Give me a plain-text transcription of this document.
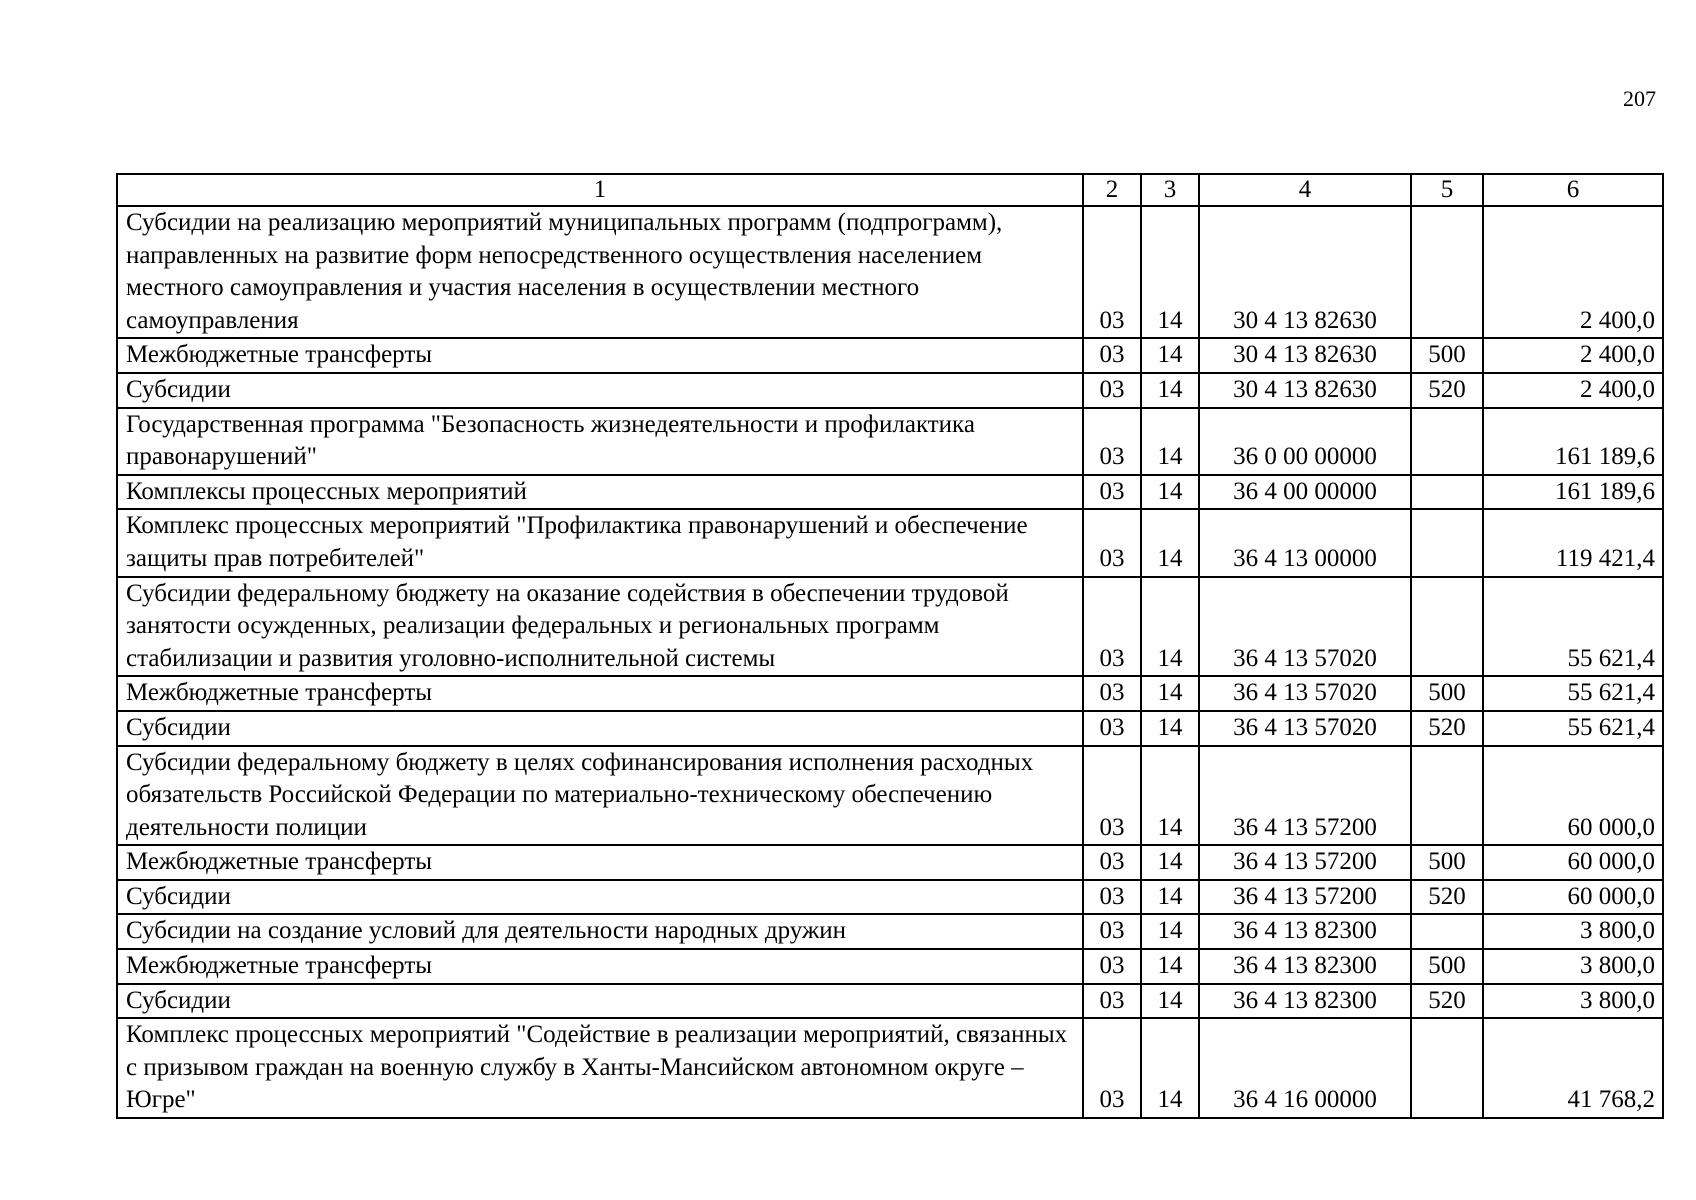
207
1	2	3	4	5	6
Субсидии на реализацию мероприятий муниципальных программ (подпрограмм), направленных на развитие форм непосредственного осуществления населением местного самоуправления и участия населения в осуществлении местного самоуправления	03	14	30 4 13 82630		2 400,0
Межбюджетные трансферты	03	14	30 4 13 82630	500	2 400,0
Субсидии	03	14	30 4 13 82630	520	2 400,0
Государственная программа "Безопасность жизнедеятельности и профилактика правонарушений"	03	14	36 0 00 00000		161 189,6
Комплексы процессных мероприятий	03	14	36 4 00 00000		161 189,6
Комплекс процессных мероприятий "Профилактика правонарушений и обеспечение защиты прав потребителей"	03	14	36 4 13 00000		119 421,4
Субсидии федеральному бюджету на оказание содействия в обеспечении трудовой занятости осужденных, реализации федеральных и региональных программ стабилизации и развития уголовно-исполнительной системы	03	14	36 4 13 57020		55 621,4
Межбюджетные трансферты	03	14	36 4 13 57020	500	55 621,4
Субсидии	03	14	36 4 13 57020	520	55 621,4
Субсидии федеральному бюджету в целях софинансирования исполнения расходных обязательств Российской Федерации по материально-техническому обеспечению деятельности полиции	03	14	36 4 13 57200		60 000,0
Межбюджетные трансферты	03	14	36 4 13 57200	500	60 000,0
Субсидии	03	14	36 4 13 57200	520	60 000,0
Субсидии на создание условий для деятельности народных дружин	03	14	36 4 13 82300		3 800,0
Межбюджетные трансферты	03	14	36 4 13 82300	500	3 800,0
Субсидии	03	14	36 4 13 82300	520	3 800,0
Комплекс процессных мероприятий "Содействие в реализации мероприятий, связанных с призывом граждан на военную службу в Ханты-Мансийском автономном округе – Югре"	03	14	36 4 16 00000		41 768,2
